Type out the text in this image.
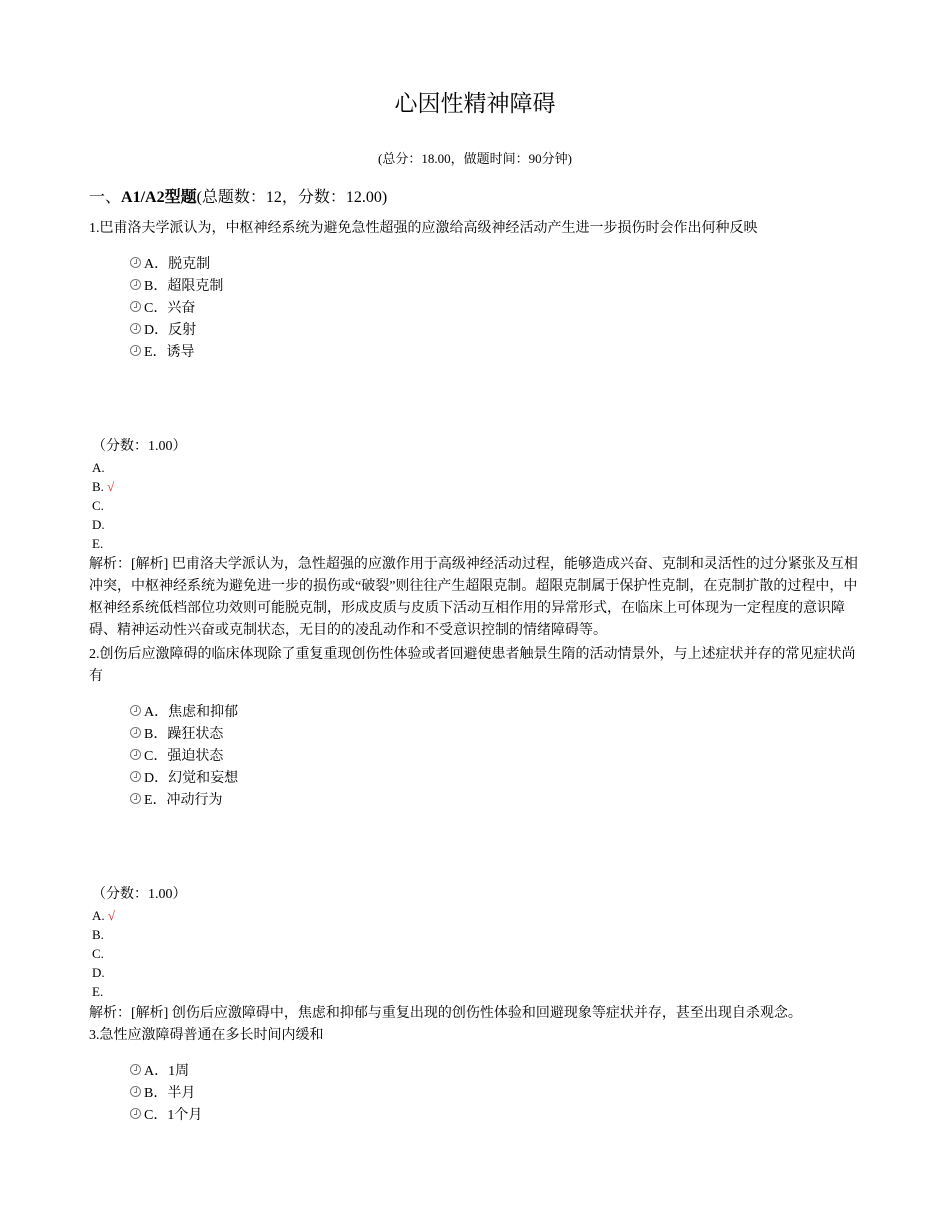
心因性精神障碍
(总分：18.00，做题时间：90分钟)
一、A1/A2型题(总题数：12，分数：12.00)
1.巴甫洛夫学派认为，中枢神经系统为避免急性超强的应激给高级神经活动产生进一步损伤时会作出何种反映
A．脱克制
B．超限克制
C．兴奋
D．反射
E．诱导
（分数：1.00）
A.
B. √
C.
D.
E.
解析：[解析] 巴甫洛夫学派认为，急性超强的应激作用于高级神经活动过程，能够造成兴奋、克制和灵活性的过分紧张及互相冲突，中枢神经系统为避免进一步的损伤或“破裂”则往往产生超限克制。超限克制属于保护性克制，在克制扩散的过程中，中枢神经系统低档部位功效则可能脱克制，形成皮质与皮质下活动互相作用的异常形式，在临床上可体现为一定程度的意识障碍、精神运动性兴奋或克制状态，无目的的凌乱动作和不受意识控制的情绪障碍等。
2.创伤后应激障碍的临床体现除了重复重现创伤性体验或者回避使患者触景生隋的活动情景外，与上述症状并存的常见症状尚有
A．焦虑和抑郁
B．躁狂状态
C．强迫状态
D．幻觉和妄想
E．冲动行为
（分数：1.00）
A. √
B.
C.
D.
E.
解析：[解析] 创伤后应激障碍中，焦虑和抑郁与重复出现的创伤性体验和回避现象等症状并存，甚至出现自杀观念。
3.急性应激障碍普通在多长时间内缓和
A．1周
B．半月
C．1个月
